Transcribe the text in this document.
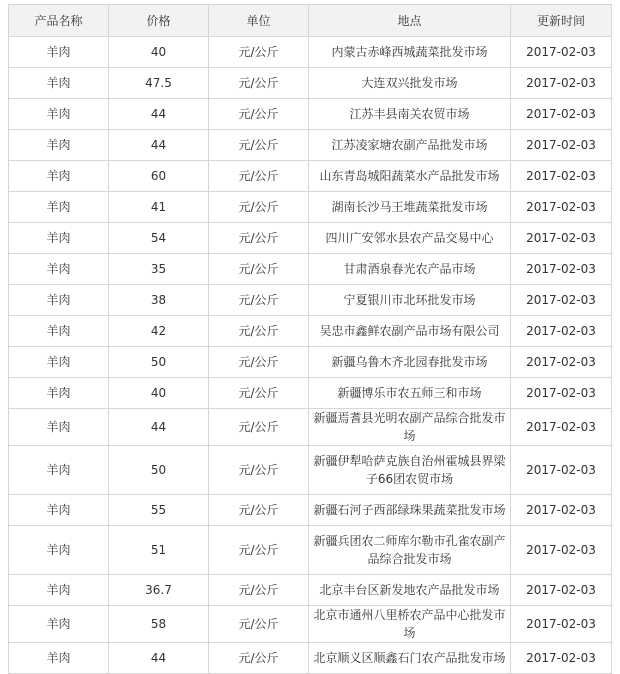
产品名称	价格	单位	地点	更新时间
羊肉	40	元/公斤	内蒙古赤峰西城蔬菜批发市场	2017-02-03
羊肉	47.5	元/公斤	大连双兴批发市场	2017-02-03
羊肉	44	元/公斤	江苏丰县南关农贸市场	2017-02-03
羊肉	44	元/公斤	江苏凌家塘农副产品批发市场	2017-02-03
羊肉	60	元/公斤	山东青岛城阳蔬菜水产品批发市场	2017-02-03
羊肉	41	元/公斤	湖南长沙马王堆蔬菜批发市场	2017-02-03
羊肉	54	元/公斤	四川广安邻水县农产品交易中心	2017-02-03
羊肉	35	元/公斤	甘肃酒泉春光农产品市场	2017-02-03
羊肉	38	元/公斤	宁夏银川市北环批发市场	2017-02-03
羊肉	42	元/公斤	吴忠市鑫鲜农副产品市场有限公司	2017-02-03
羊肉	50	元/公斤	新疆乌鲁木齐北园春批发市场	2017-02-03
羊肉	40	元/公斤	新疆博乐市农五师三和市场	2017-02-03
羊肉	44	元/公斤	新疆焉耆县光明农副产品综合批发市场	2017-02-03
羊肉	50	元/公斤	新疆伊犁哈萨克族自治州霍城县界梁子66团农贸市场	2017-02-03
羊肉	55	元/公斤	新疆石河子西部绿珠果蔬菜批发市场	2017-02-03
羊肉	51	元/公斤	新疆兵团农二师库尔勒市孔雀农副产品综合批发市场	2017-02-03
羊肉	36.7	元/公斤	北京丰台区新发地农产品批发市场	2017-02-03
羊肉	58	元/公斤	北京市通州八里桥农产品中心批发市场	2017-02-03
羊肉	44	元/公斤	北京顺义区顺鑫石门农产品批发市场	2017-02-03
